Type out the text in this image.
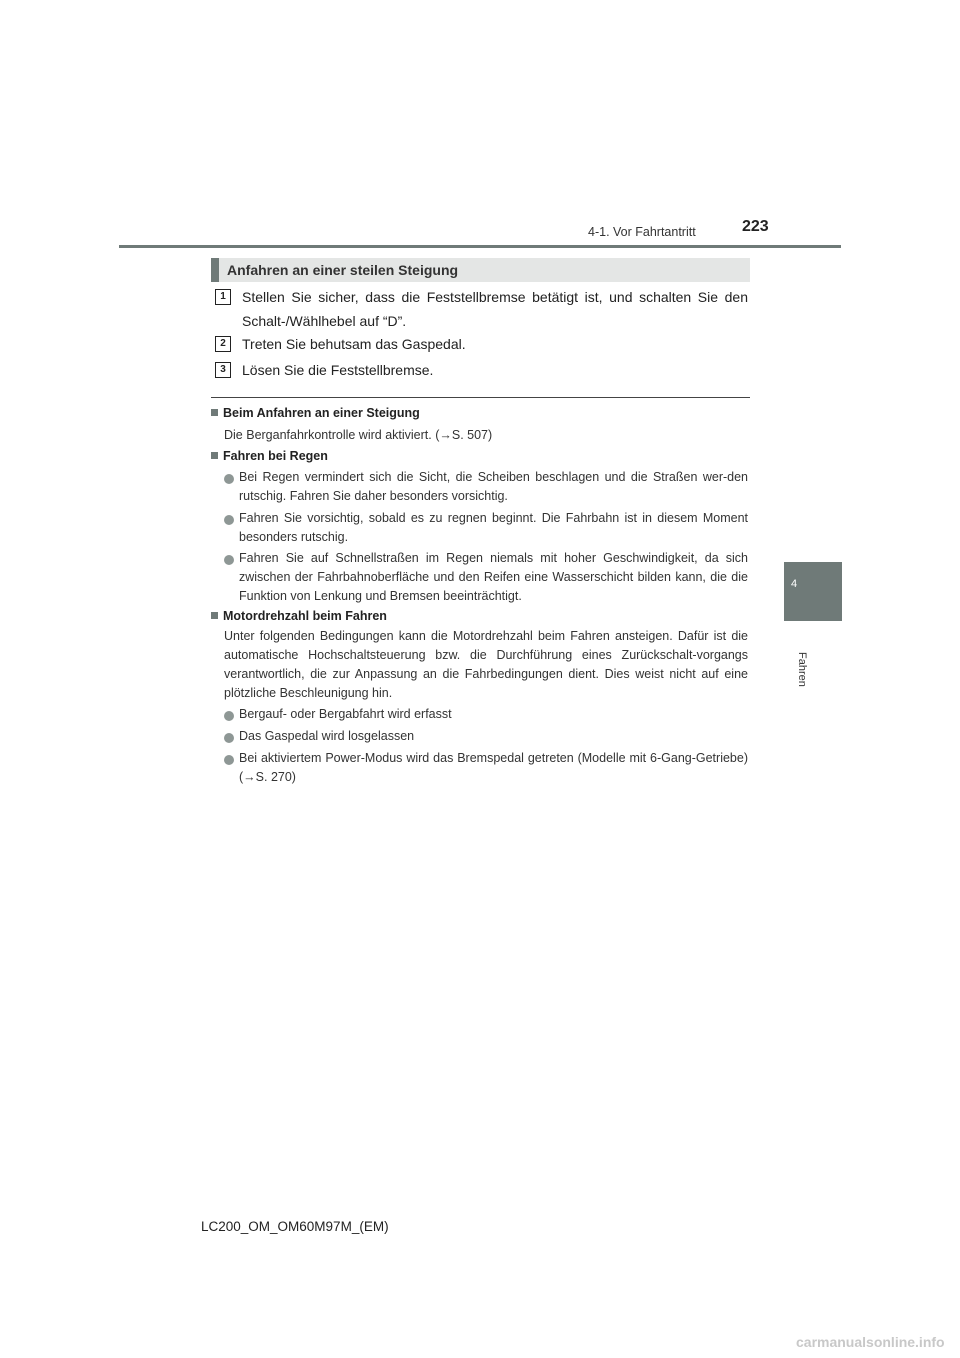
4-1. Vor Fahrtantritt	223
4
Fahren
Anfahren an einer steilen Steigung
1	Stellen Sie sicher, dass die Feststellbremse betätigt ist, und schalten Sie den Schalt-/Wählhebel auf “D”.
2	Treten Sie behutsam das Gaspedal.
3	Lösen Sie die Feststellbremse.
Beim Anfahren an einer Steigung
Die Berganfahrkontrolle wird aktiviert. (→S. 507)
Fahren bei Regen
Bei Regen vermindert sich die Sicht, die Scheiben beschlagen und die Straßen wer-den rutschig. Fahren Sie daher besonders vorsichtig.
Fahren Sie vorsichtig, sobald es zu regnen beginnt. Die Fahrbahn ist in diesem Moment besonders rutschig.
Fahren Sie auf Schnellstraßen im Regen niemals mit hoher Geschwindigkeit, da sich zwischen der Fahrbahnoberfläche und den Reifen eine Wasserschicht bilden kann, die die Funktion von Lenkung und Bremsen beeinträchtigt.
Motordrehzahl beim Fahren
Unter folgenden Bedingungen kann die Motordrehzahl beim Fahren ansteigen. Dafür ist die automatische Hochschaltsteuerung bzw. die Durchführung eines Zurückschalt-vorgangs verantwortlich, die zur Anpassung an die Fahrbedingungen dient. Dies weist nicht auf eine plötzliche Beschleunigung hin.
Bergauf- oder Bergabfahrt wird erfasst
Das Gaspedal wird losgelassen
Bei aktiviertem Power-Modus wird das Bremspedal getreten (Modelle mit 6-Gang-Getriebe) (→S. 270)
LC200_OM_OM60M97M_(EM)
carmanualsonline.info
